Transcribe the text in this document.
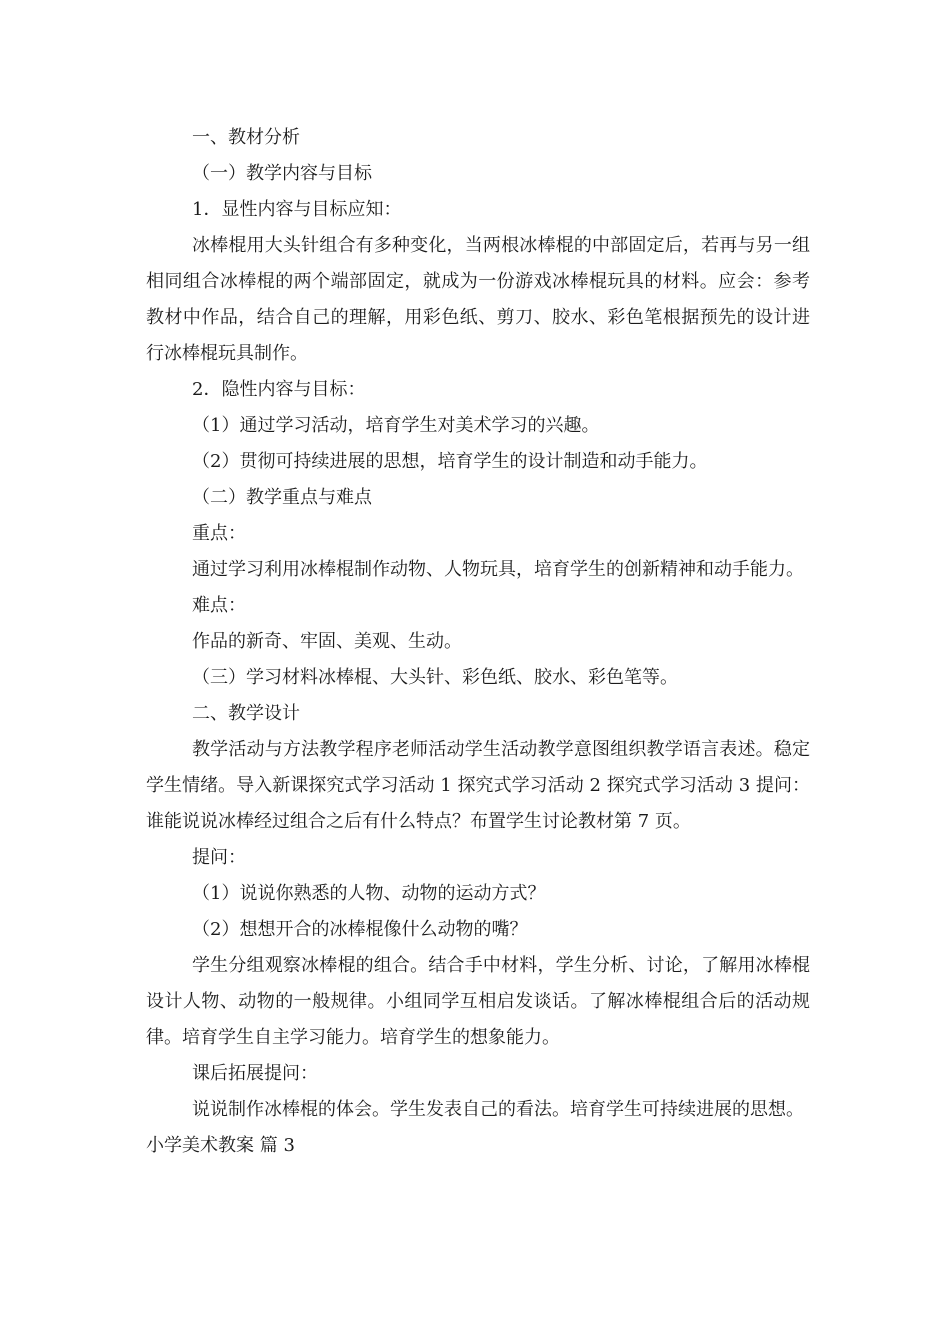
一、教材分析

（一）教学内容与目标

1．显性内容与目标应知：

冰棒棍用大头针组合有多种变化，当两根冰棒棍的中部固定后，若再与另一组相同组合冰棒棍的两个端部固定，就成为一份游戏冰棒棍玩具的材料。应会：参考教材中作品，结合自己的理解，用彩色纸、剪刀、胶水、彩色笔根据预先的设计进行冰棒棍玩具制作。

2．隐性内容与目标：

（1）通过学习活动，培育学生对美术学习的兴趣。

（2）贯彻可持续进展的思想，培育学生的设计制造和动手能力。

（二）教学重点与难点

重点：

通过学习利用冰棒棍制作动物、人物玩具，培育学生的创新精神和动手能力。

难点：

作品的新奇、牢固、美观、生动。

（三）学习材料冰棒棍、大头针、彩色纸、胶水、彩色笔等。

二、教学设计

教学活动与方法教学程序老师活动学生活动教学意图组织教学语言表述。稳定学生情绪。导入新课探究式学习活动 1 探究式学习活动 2 探究式学习活动 3 提问：谁能说说冰棒经过组合之后有什么特点？布置学生讨论教材第 7 页。

提问：

（1）说说你熟悉的人物、动物的运动方式？

（2）想想开合的冰棒棍像什么动物的嘴？

学生分组观察冰棒棍的组合。结合手中材料，学生分析、讨论，了解用冰棒棍设计人物、动物的一般规律。小组同学互相启发谈话。了解冰棒棍组合后的活动规律。培育学生自主学习能力。培育学生的想象能力。

课后拓展提问：

说说制作冰棒棍的体会。学生发表自己的看法。培育学生可持续进展的思想。

小学美术教案 篇 3
